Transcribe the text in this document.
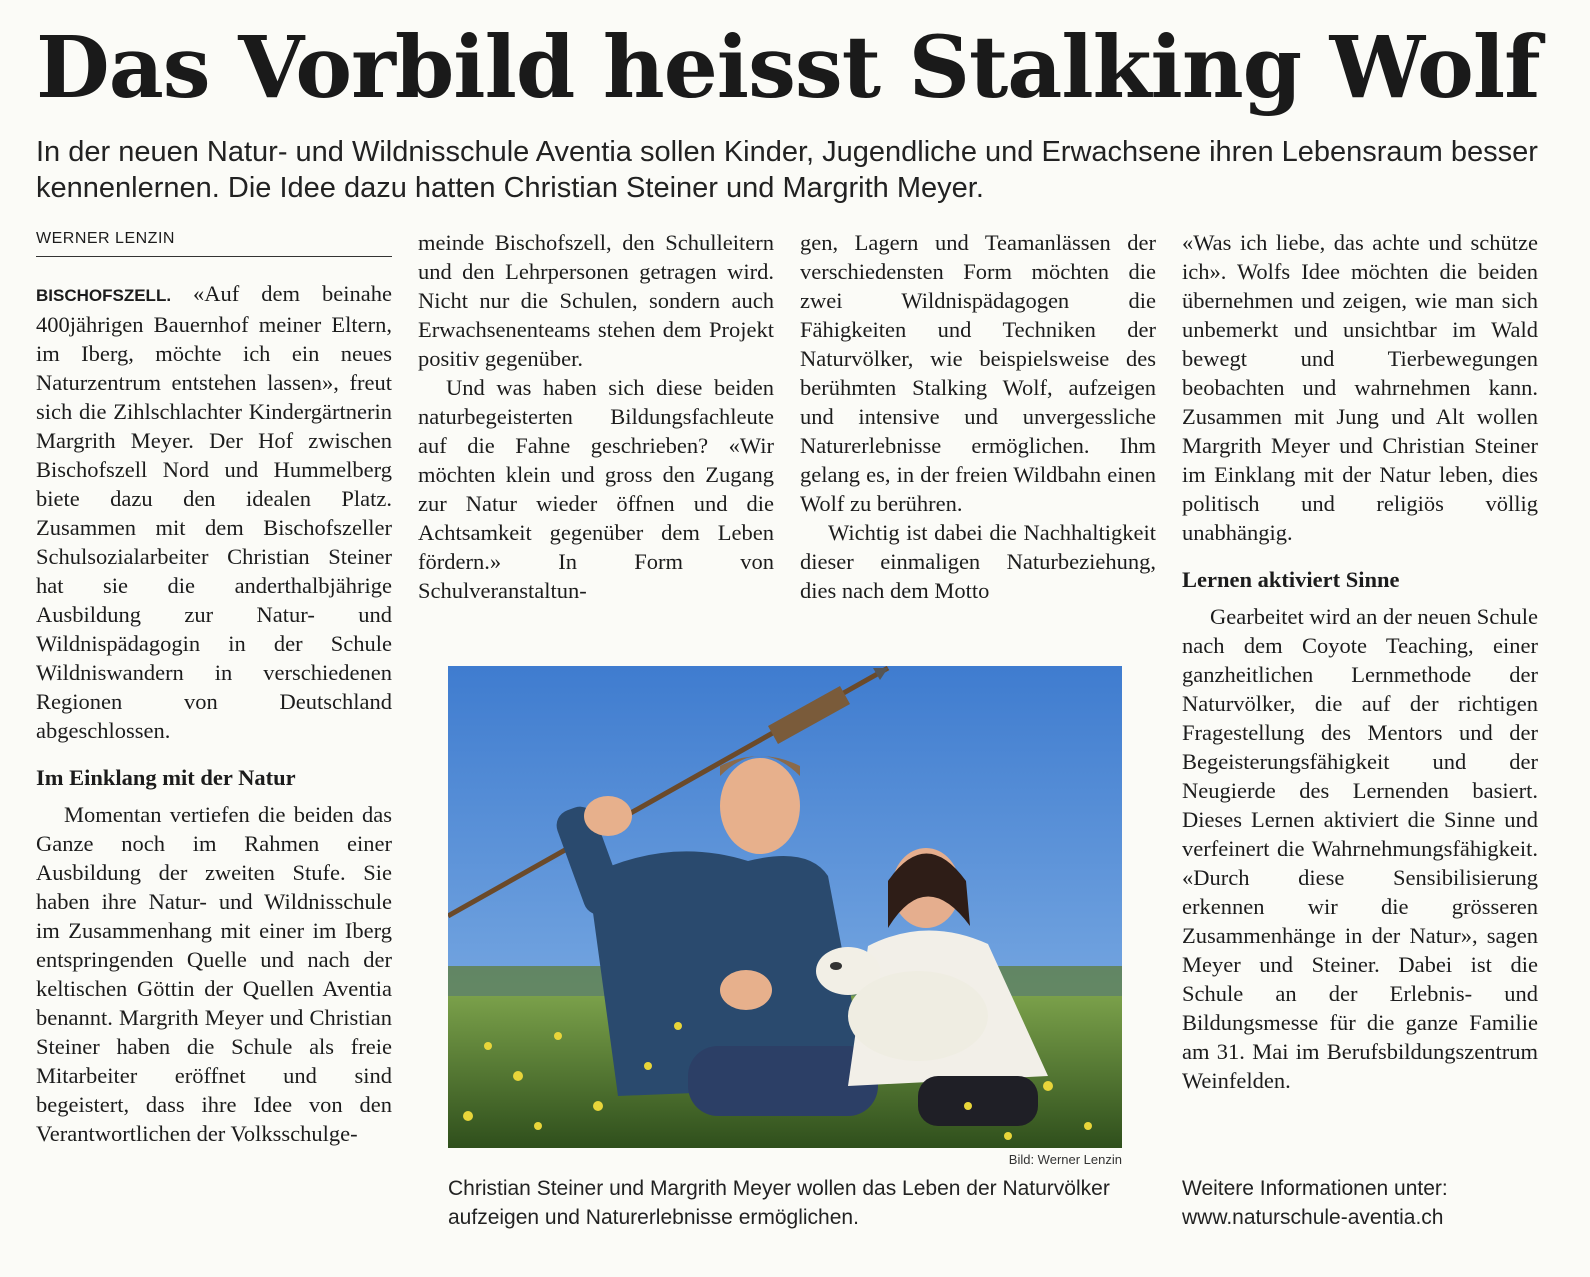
Das Vorbild heisst Stalking Wolf

In der neuen Natur- und Wildnisschule Aventia sollen Kinder, Jugendliche und Erwachsene ihren Lebensraum besser kennenlernen. Die Idee dazu hatten Christian Steiner und Margrith Meyer.

WERNER LENZIN

BISCHOFSZELL. «Auf dem beinahe 400jährigen Bauernhof meiner Eltern, im Iberg, möchte ich ein neues Naturzentrum entstehen lassen», freut sich die Zihlschlachter Kindergärtnerin Margrith Meyer. Der Hof zwischen Bischofszell Nord und Hummelberg biete dazu den idealen Platz. Zusammen mit dem Bischofszeller Schulsozialarbeiter Christian Steiner hat sie die anderthalbjährige Ausbildung zur Natur- und Wildnispädagogin in der Schule Wildniswandern in verschiedenen Regionen von Deutschland abgeschlossen.

Im Einklang mit der Natur

Momentan vertiefen die beiden das Ganze noch im Rahmen einer Ausbildung der zweiten Stufe. Sie haben ihre Natur- und Wildnisschule im Zusammenhang mit einer im Iberg entspringenden Quelle und nach der keltischen Göttin der Quellen Aventia benannt. Margrith Meyer und Christian Steiner haben die Schule als freie Mitarbeiter eröffnet und sind begeistert, dass ihre Idee von den Verantwortlichen der Volksschulge-

meinde Bischofszell, den Schulleitern und den Lehrpersonen getragen wird. Nicht nur die Schulen, sondern auch Erwachsenenteams stehen dem Projekt positiv gegenüber.

Und was haben sich diese beiden naturbegeisterten Bildungsfachleute auf die Fahne geschrieben? «Wir möchten klein und gross den Zugang zur Natur wieder öffnen und die Achtsamkeit gegenüber dem Leben fördern.» In Form von Schulveranstaltun-

gen, Lagern und Teamanlässen der verschiedensten Form möchten die zwei Wildnispädagogen die Fähigkeiten und Techniken der Naturvölker, wie beispielsweise des berühmten Stalking Wolf, aufzeigen und intensive und unvergessliche Naturerlebnisse ermöglichen. Ihm gelang es, in der freien Wildbahn einen Wolf zu berühren.

Wichtig ist dabei die Nachhaltigkeit dieser einmaligen Naturbeziehung, dies nach dem Motto

«Was ich liebe, das achte und schütze ich». Wolfs Idee möchten die beiden übernehmen und zeigen, wie man sich unbemerkt und unsichtbar im Wald bewegt und Tierbewegungen beobachten und wahrnehmen kann. Zusammen mit Jung und Alt wollen Margrith Meyer und Christian Steiner im Einklang mit der Natur leben, dies politisch und religiös völlig unabhängig.

Lernen aktiviert Sinne

Gearbeitet wird an der neuen Schule nach dem Coyote Teaching, einer ganzheitlichen Lernmethode der Naturvölker, die auf der richtigen Fragestellung des Mentors und der Begeisterungsfähigkeit und der Neugierde des Lernenden basiert. Dieses Lernen aktiviert die Sinne und verfeinert die Wahrnehmungsfähigkeit. «Durch diese Sensibilisierung erkennen wir die grösseren Zusammenhänge in der Natur», sagen Meyer und Steiner. Dabei ist die Schule an der Erlebnis- und Bildungsmesse für die ganze Familie am 31. Mai im Berufsbildungszentrum Weinfelden.

Bild: Werner Lenzin
Christian Steiner und Margrith Meyer wollen das Leben der Naturvölker aufzeigen und Naturerlebnisse ermöglichen.
Weitere Informationen unter:
www.naturschule-aventia.ch
